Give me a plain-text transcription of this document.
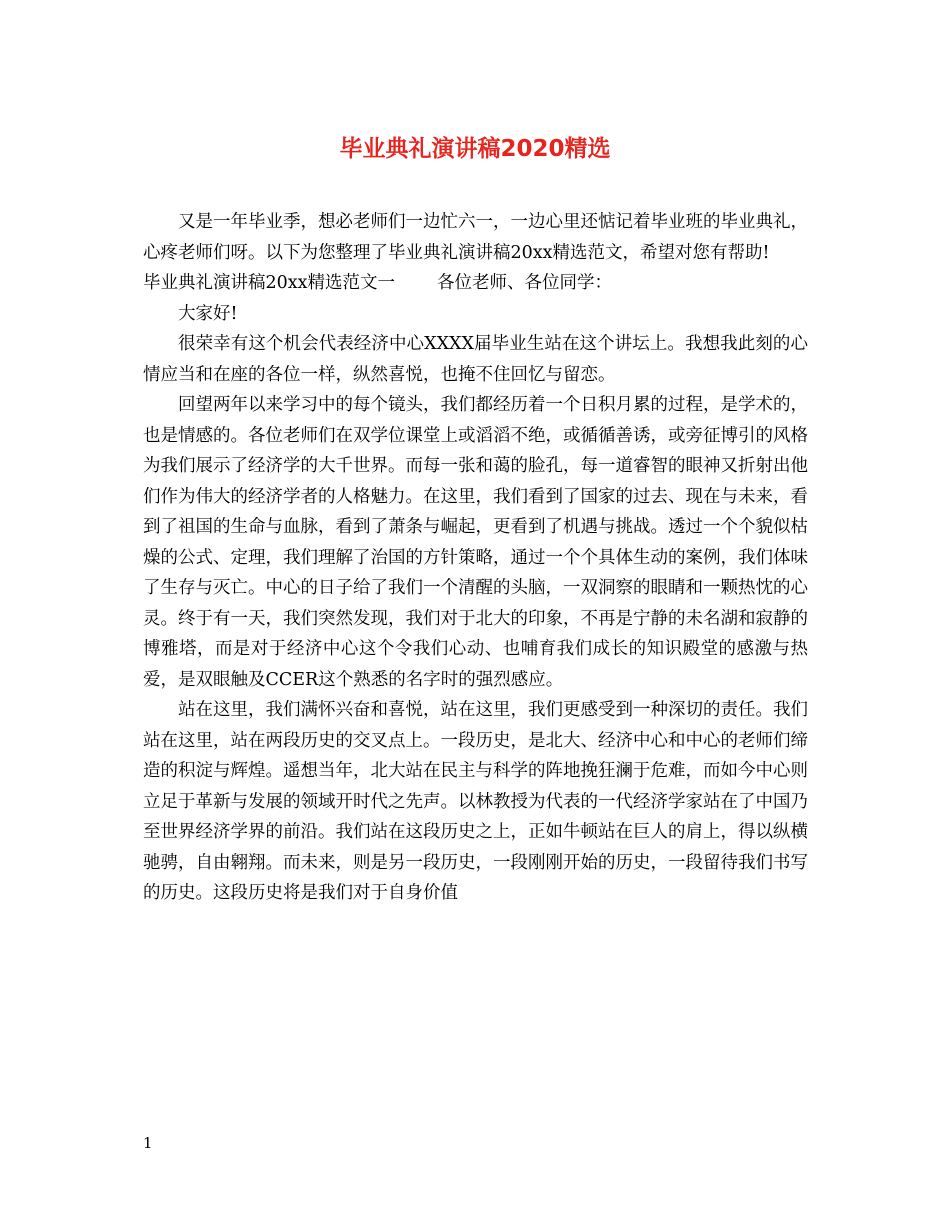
毕业典礼演讲稿2020精选

又是一年毕业季，想必老师们一边忙六一，一边心里还惦记着毕业班的毕业典礼，心疼老师们呀。以下为您整理了毕业典礼演讲稿20xx精选范文，希望对您有帮助!

毕业典礼演讲稿20xx精选范文一 各位老师、各位同学：

大家好!

很荣幸有这个机会代表经济中心XXXX届毕业生站在这个讲坛上。我想我此刻的心情应当和在座的各位一样，纵然喜悦，也掩不住回忆与留恋。

回望两年以来学习中的每个镜头，我们都经历着一个日积月累的过程，是学术的，也是情感的。各位老师们在双学位课堂上或滔滔不绝，或循循善诱，或旁征博引的风格为我们展示了经济学的大千世界。而每一张和蔼的脸孔，每一道睿智的眼神又折射出他们作为伟大的经济学者的人格魅力。在这里，我们看到了国家的过去、现在与未来，看到了祖国的生命与血脉，看到了萧条与崛起，更看到了机遇与挑战。透过一个个貌似枯燥的公式、定理，我们理解了治国的方针策略，通过一个个具体生动的案例，我们体味了生存与灭亡。中心的日子给了我们一个清醒的头脑，一双洞察的眼睛和一颗热忱的心灵。终于有一天，我们突然发现，我们对于北大的印象，不再是宁静的未名湖和寂静的博雅塔，而是对于经济中心这个令我们心动、也哺育我们成长的知识殿堂的感激与热爱，是双眼触及CCER这个熟悉的名字时的强烈感应。

站在这里，我们满怀兴奋和喜悦，站在这里，我们更感受到一种深切的责任。我们站在这里，站在两段历史的交叉点上。一段历史，是北大、经济中心和中心的老师们缔造的积淀与辉煌。遥想当年，北大站在民主与科学的阵地挽狂澜于危难，而如今中心则立足于革新与发展的领域开时代之先声。以林教授为代表的一代经济学家站在了中国乃至世界经济学界的前沿。我们站在这段历史之上，正如牛顿站在巨人的肩上，得以纵横驰骋，自由翱翔。而未来，则是另一段历史，一段刚刚开始的历史，一段留待我们书写的历史。这段历史将是我们对于自身价值

1
